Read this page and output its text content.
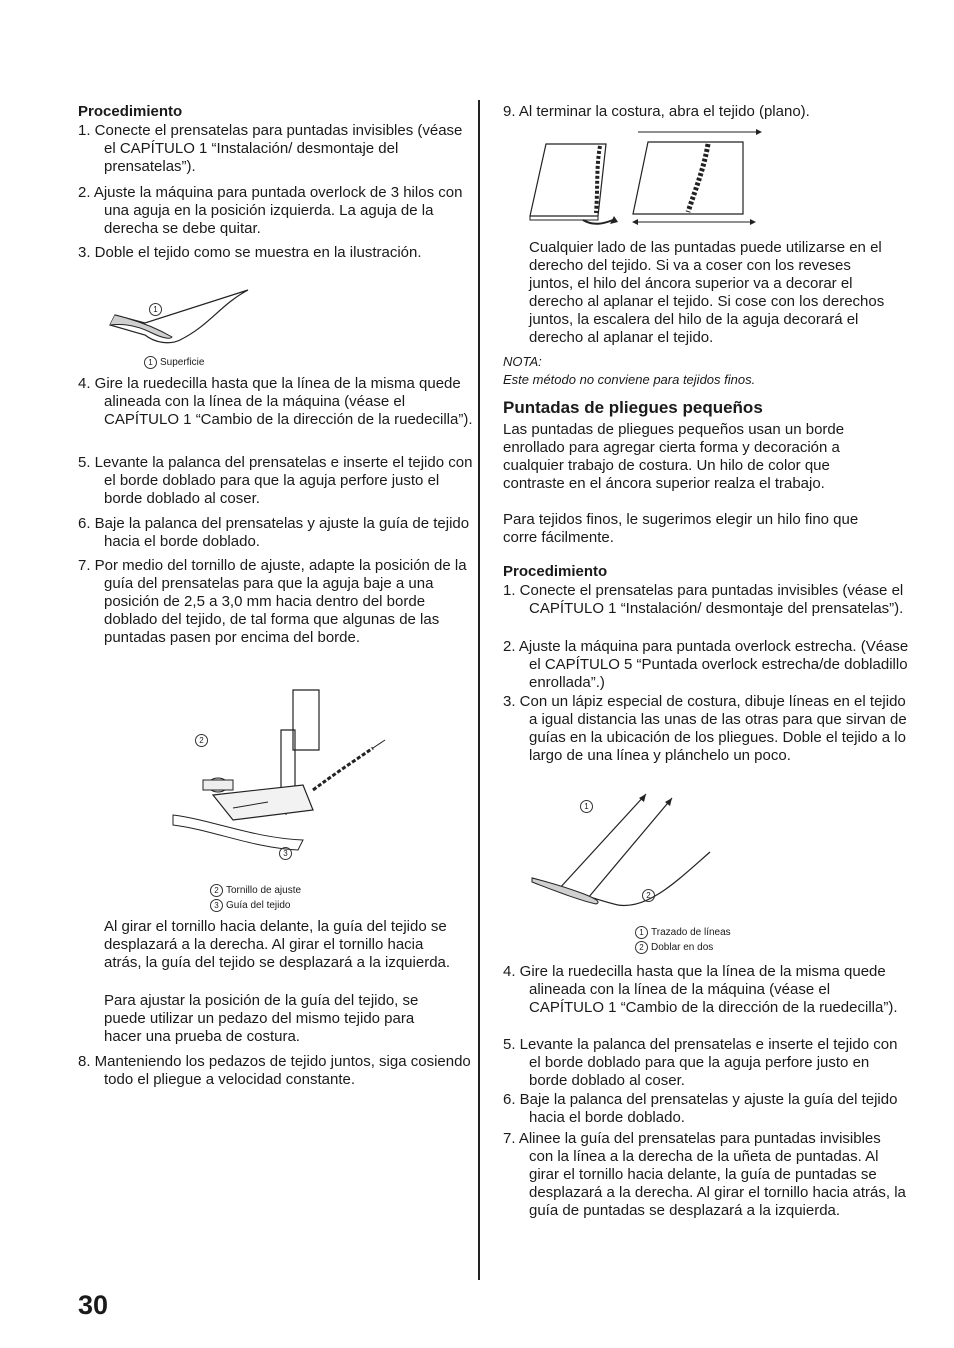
Procedimiento
1. Conecte el prensatelas para puntadas invisibles (véase el CAPÍTULO 1 “Instalación/ desmontaje del prensatelas”).
2. Ajuste la máquina para puntada overlock de 3 hilos con una aguja en la posición izquierda. La aguja de la derecha se debe quitar.
3. Doble el tejido como se muestra en la ilustración.
1
1 Superficie
4. Gire la ruedecilla hasta que la línea de la misma quede alineada con la línea de la máquina (véase el CAPÍTULO 1 “Cambio de la dirección de la ruedecilla”).
5. Levante la palanca del prensatelas e inserte el tejido con el borde doblado para que la aguja perfore justo el borde doblado al coser.
6. Baje la palanca del prensatelas y ajuste la guía de tejido hacia el borde doblado.
7. Por medio del tornillo de ajuste, adapte la posición de la guía del prensatelas para que la aguja baje a una posición de 2,5 a 3,0 mm hacia dentro del borde doblado del tejido, de tal forma que algunas de las puntadas pasen por encima del borde.
2
3
2 Tornillo de ajuste
3 Guía del tejido
Al girar el tornillo hacia delante, la guía del tejido se desplazará a la derecha. Al girar el tornillo hacia atrás, la guía del tejido se desplazará a la izquierda.
Para ajustar la posición de la guía del tejido, se puede utilizar un pedazo del mismo tejido para hacer una prueba de costura.
8. Manteniendo los pedazos de tejido juntos, siga cosiendo todo el pliegue a velocidad constante.
9. Al terminar la costura, abra el tejido (plano).
Cualquier lado de las puntadas puede utilizarse en el derecho del tejido. Si va a coser con los reveses juntos, el hilo del áncora superior va a decorar el derecho al aplanar el tejido. Si cose con los derechos juntos, la escalera del hilo de la aguja decorará el derecho al aplanar el tejido.
NOTA:
Este método no conviene para tejidos finos.
Puntadas de pliegues pequeños
Las puntadas de pliegues pequeños usan un borde enrollado para agregar cierta forma y decoración a cualquier trabajo de costura. Un hilo de color que contraste en el áncora superior realza el trabajo.
Para tejidos finos, le sugerimos elegir un hilo fino que corre fácilmente.
Procedimiento
1. Conecte el prensatelas para puntadas invisibles (véase el CAPÍTULO 1 “Instalación/ desmontaje del prensatelas”).
2. Ajuste la máquina para puntada overlock estrecha. (Véase el CAPÍTULO 5 “Puntada overlock estrecha/de dobladillo enrollada”.)
3. Con un lápiz especial de costura, dibuje líneas en el tejido a igual distancia las unas de las otras para que sirvan de guías en la ubicación de los pliegues. Doble el tejido a lo largo de una línea y plánchelo un poco.
1
2
1 Trazado de líneas
2 Doblar en dos
4. Gire la ruedecilla hasta que la línea de la misma quede alineada con la línea de la máquina (véase el CAPÍTULO 1 “Cambio de la dirección de la ruedecilla”).
5. Levante la palanca del prensatelas e inserte el tejido con el borde doblado para que la aguja perfore justo en borde doblado al coser.
6. Baje la palanca del prensatelas y ajuste la guía del tejido hacia el borde doblado.
7. Alinee la guía del prensatelas para puntadas invisibles con la línea a la derecha de la uñeta de puntadas. Al girar el tornillo hacia delante, la guía de puntadas se desplazará a la derecha. Al girar el tornillo hacia atrás, la guía de puntadas se desplazará a la izquierda.
30
